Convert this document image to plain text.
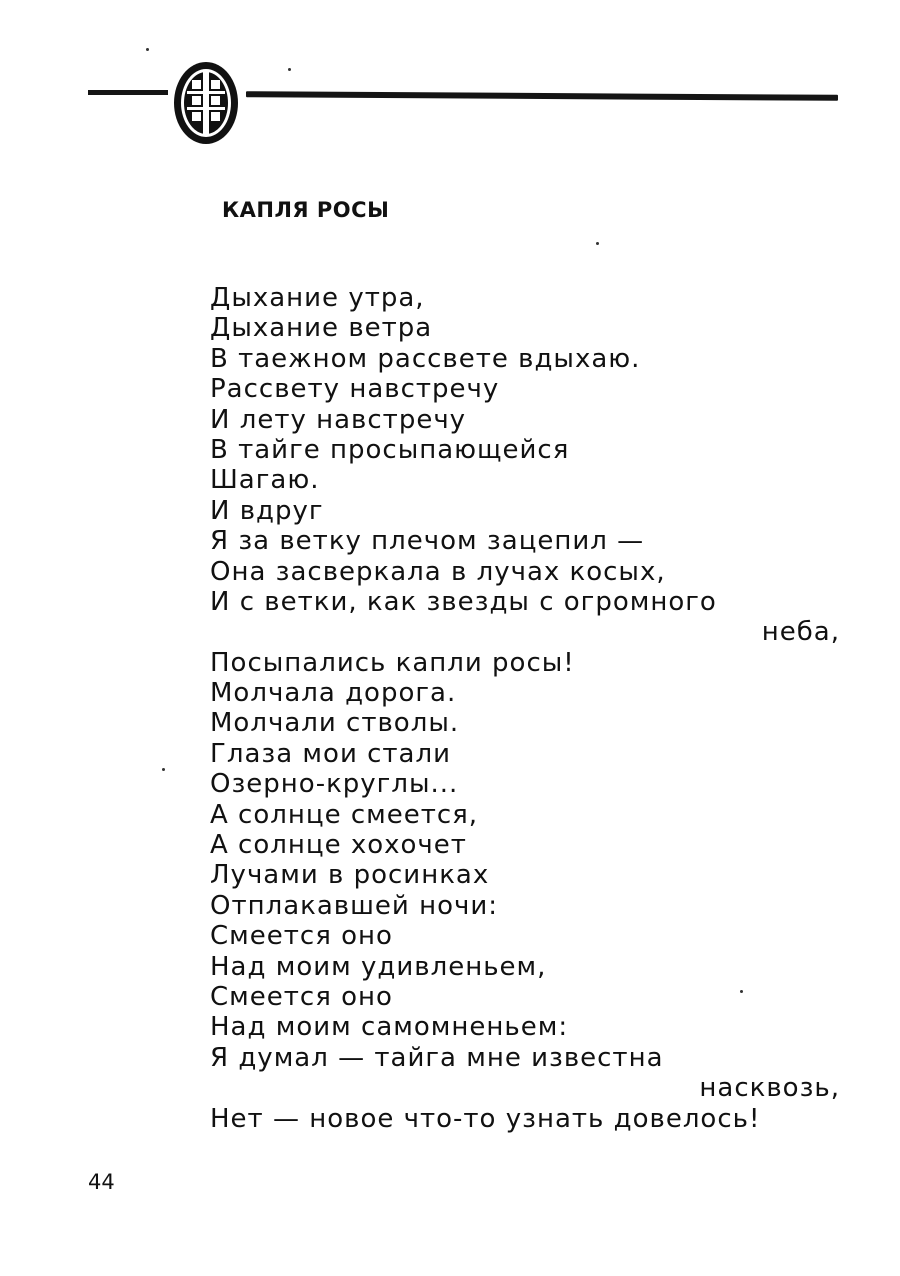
КАПЛЯ РОСЫ
Дыхание утра,
Дыхание ветра
В таежном рассвете вдыхаю.
Рассвету навстречу
И лету навстречу
В тайге просыпающейся
Шагаю.
И вдруг
Я за ветку плечом зацепил —
Она засверкала в лучах косых,
И с ветки, как звезды с огромного
неба,
Посыпались капли росы!
Молчала дорога.
Молчали стволы.
Глаза мои стали
Озерно-круглы...
А солнце смеется,
А солнце хохочет
Лучами в росинках
Отплакавшей ночи:
Смеется оно
Над моим удивленьем,
Смеется оно
Над моим самомненьем:
Я думал — тайга мне известна
насквозь,
Нет — новое что-то узнать довелось!
44
